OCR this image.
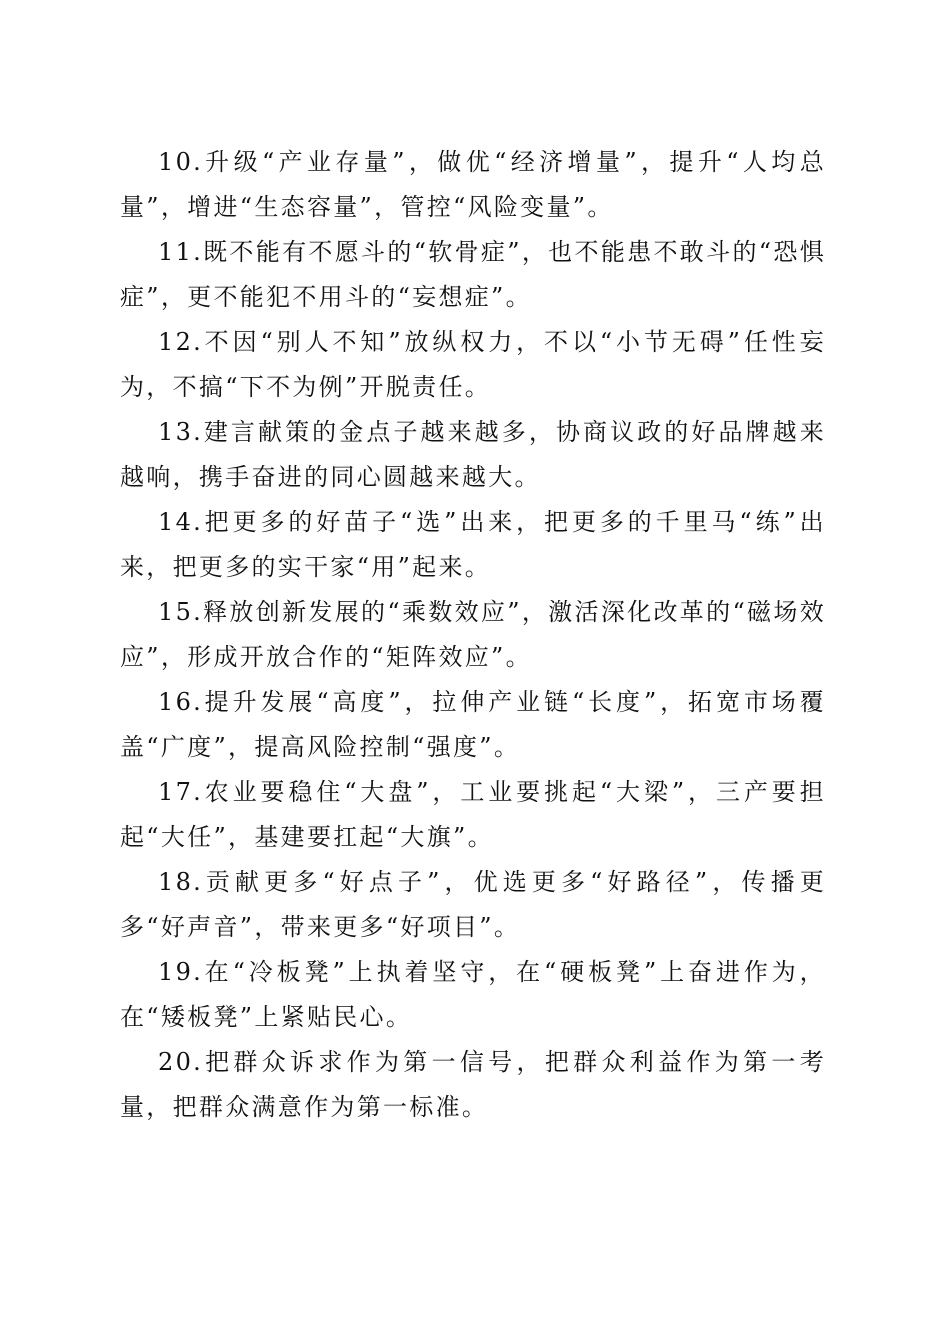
10.升级“产业存量”，做优“经济增量”，提升“人均总量”，增进“生态容量”，管控“风险变量”。

11.既不能有不愿斗的“软骨症”，也不能患不敢斗的“恐惧症”，更不能犯不用斗的“妄想症”。

12.不因“别人不知”放纵权力，不以“小节无碍”任性妄为，不搞“下不为例”开脱责任。

13.建言献策的金点子越来越多，协商议政的好品牌越来越响，携手奋进的同心圆越来越大。

14.把更多的好苗子“选”出来，把更多的千里马“练”出来，把更多的实干家“用”起来。

15.释放创新发展的“乘数效应”，激活深化改革的“磁场效应”，形成开放合作的“矩阵效应”。

16.提升发展“高度”，拉伸产业链“长度”，拓宽市场覆盖“广度”，提高风险控制“强度”。

17.农业要稳住“大盘”，工业要挑起“大梁”，三产要担起“大任”，基建要扛起“大旗”。

18.贡献更多“好点子”，优选更多“好路径”，传播更多“好声音”，带来更多“好项目”。

19.在“冷板凳”上执着坚守，在“硬板凳”上奋进作为，在“矮板凳”上紧贴民心。

20.把群众诉求作为第一信号，把群众利益作为第一考量，把群众满意作为第一标准。
